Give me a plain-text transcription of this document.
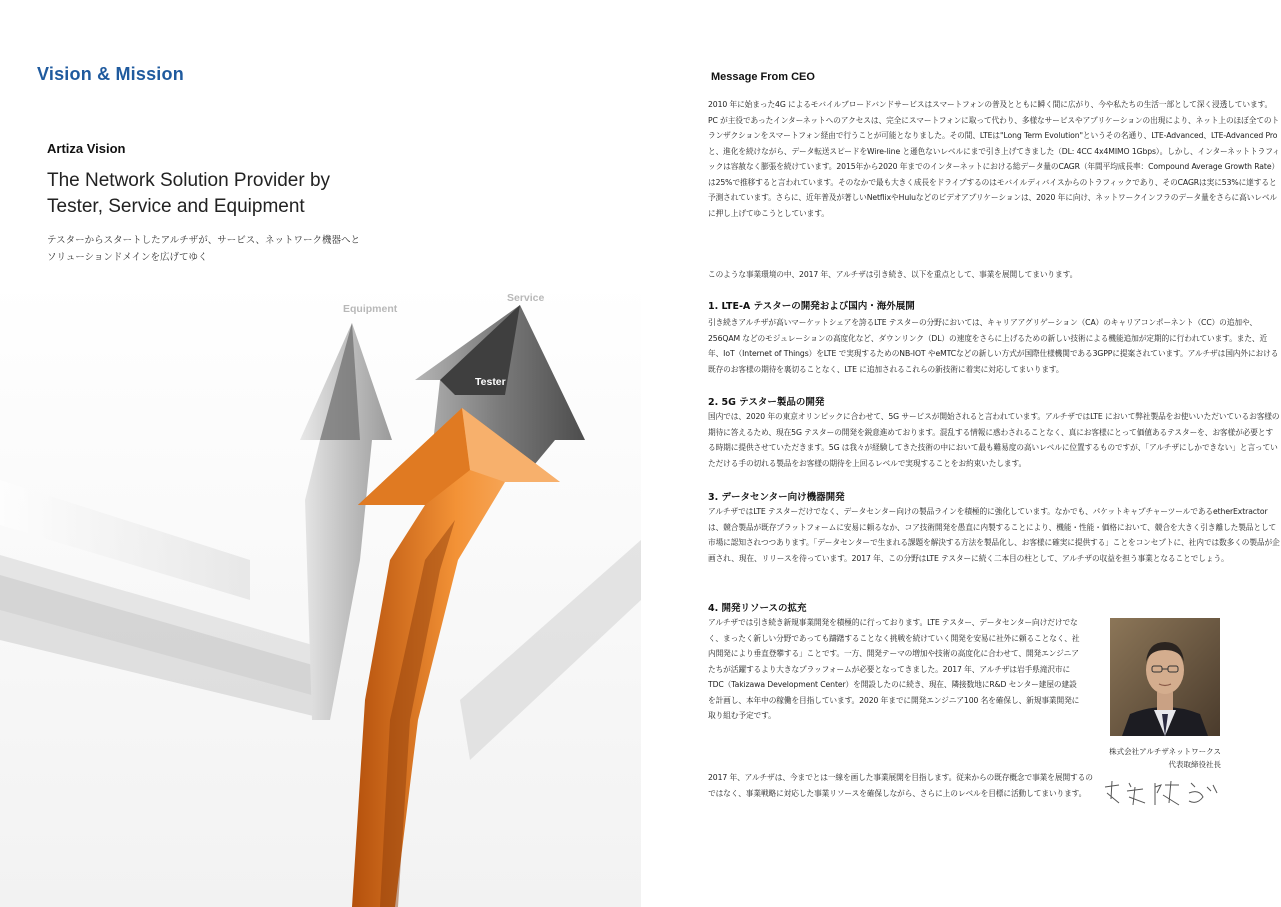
Vision & Mission
Artiza Vision
The Network Solution Provider by
Tester, Service and Equipment
テスターからスタートしたアルチザが、サービス、ネットワーク機器へと
ソリューションドメインを広げてゆく
Equipment
Service
Tester
Message From CEO

2010 年に始まった4G によるモバイルブロードバンドサービスはスマートフォンの普及とともに瞬く間に広がり、今や私たちの生活一部として深く浸透しています。PC が主役であったインターネットへのアクセスは、完全にスマートフォンに取って代わり、多様なサービスやアプリケーションの出現により、ネット上のほぼ全てのトランザクションをスマートフォン経由で行うことが可能となりました。その間、LTEは"Long Term Evolution"というその名通り、LTE-Advanced、LTE-Advanced Pro と、進化を続けながら、データ転送スピードをWire-line と遜色ないレベルにまで引き上げてきました（DL: 4CC 4x4MIMO 1Gbps）。しかし、インターネットトラフィックは容赦なく膨張を続けています。2015年から2020 年までのインターネットにおける総データ量のCAGR（年間平均成長率：Compound Average Growth Rate）は25%で推移すると言われています。そのなかで最も大きく成長をドライブするのはモバイルディバイスからのトラフィックであり、そのCAGRは実に53%に達すると予測されています。さらに、近年普及が著しいNetflixやHuluなどのビデオアプリケーションは、2020 年に向け、ネットワークインフラのデータ量をさらに高いレベルに押し上げてゆこうとしています。

このような事業環境の中、2017 年、アルチザは引き続き、以下を重点として、事業を展開してまいります。

1. LTE-A テスターの開発および国内・海外展開

引き続きアルチザが高いマーケットシェアを誇るLTE テスターの分野においては、キャリアアグリゲーション（CA）のキャリアコンポーネント（CC）の追加や、256QAM などのモジュレーションの高度化など、ダウンリンク（DL）の速度をさらに上げるための新しい技術による機能追加が定期的に行われています。また、近年、IoT（Internet of Things）をLTE で実現するためのNB-IOT やeMTCなどの新しい方式が国際仕様機関である3GPPに提案されています。アルチザは国内外における既存のお客様の期待を裏切ることなく、LTE に追加されるこれらの新技術に着実に対応してまいります。

2. 5G テスター製品の開発

国内では、2020 年の東京オリンピックに合わせて、5G サービスが開始されると言われています。アルチザではLTE において弊社製品をお使いいただいているお客様の期待に答えるため、現在5G テスターの開発を鋭意進めております。混乱する情報に惑わされることなく、真にお客様にとって価値あるテスターを、お客様が必要とする時期に提供させていただきます。5G は我々が経験してきた技術の中において最も難易度の高いレベルに位置するものですが、「アルチザにしかできない」と言っていただける手の切れる製品をお客様の期待を上回るレベルで実現することをお約束いたします。

3. データセンター向け機器開発

アルチザではLTE テスターだけでなく、データセンター向けの製品ラインを積極的に強化しています。なかでも、パケットキャプチャーツールであるetherExtractor は、競合製品が既存プラットフォームに安易に頼るなか、コア技術開発を愚直に内製することにより、機能・性能・価格において、競合を大きく引き離した製品として市場に認知されつつあります。「データセンターで生まれる課題を解決する方法を製品化し、お客様に確実に提供する」ことをコンセプトに、社内では数多くの製品が企画され、現在、リリースを待っています。2017 年、この分野はLTE テスターに続く二本目の柱として、アルチザの収益を担う事業となることでしょう。

4. 開発リソースの拡充

アルチザでは引き続き新規事業開発を積極的に行っております。LTE テスター、データセンター向けだけでなく、まったく新しい分野であっても躊躇することなく挑戦を続けていく開発を安易に社外に頼ることなく、社内開発により垂直登攀する」ことです。一方、開発テーマの増加や技術の高度化に合わせて、開発エンジニアたちが活躍するより大きなプラッフォームが必要となってきました。2017 年、アルチザは岩手県滝沢市にTDC（Takizawa Development Center）を開設したのに続き、現在、隣接数地にR&D センター建屋の建設を計画し、本年中の稼働を目指しています。2020 年までに開発エンジニア100 名を確保し、新規事業開発に取り組む予定です。

2017 年、アルチザは、今までとは一線を画した事業展開を目指します。従来からの既存概念で事業を展開するのではなく、事業戦略に対応した事業リソースを確保しながら、さらに上のレベルを目標に活動してまいります。

株式会社アルチザネットワークス
代表取締役社長
